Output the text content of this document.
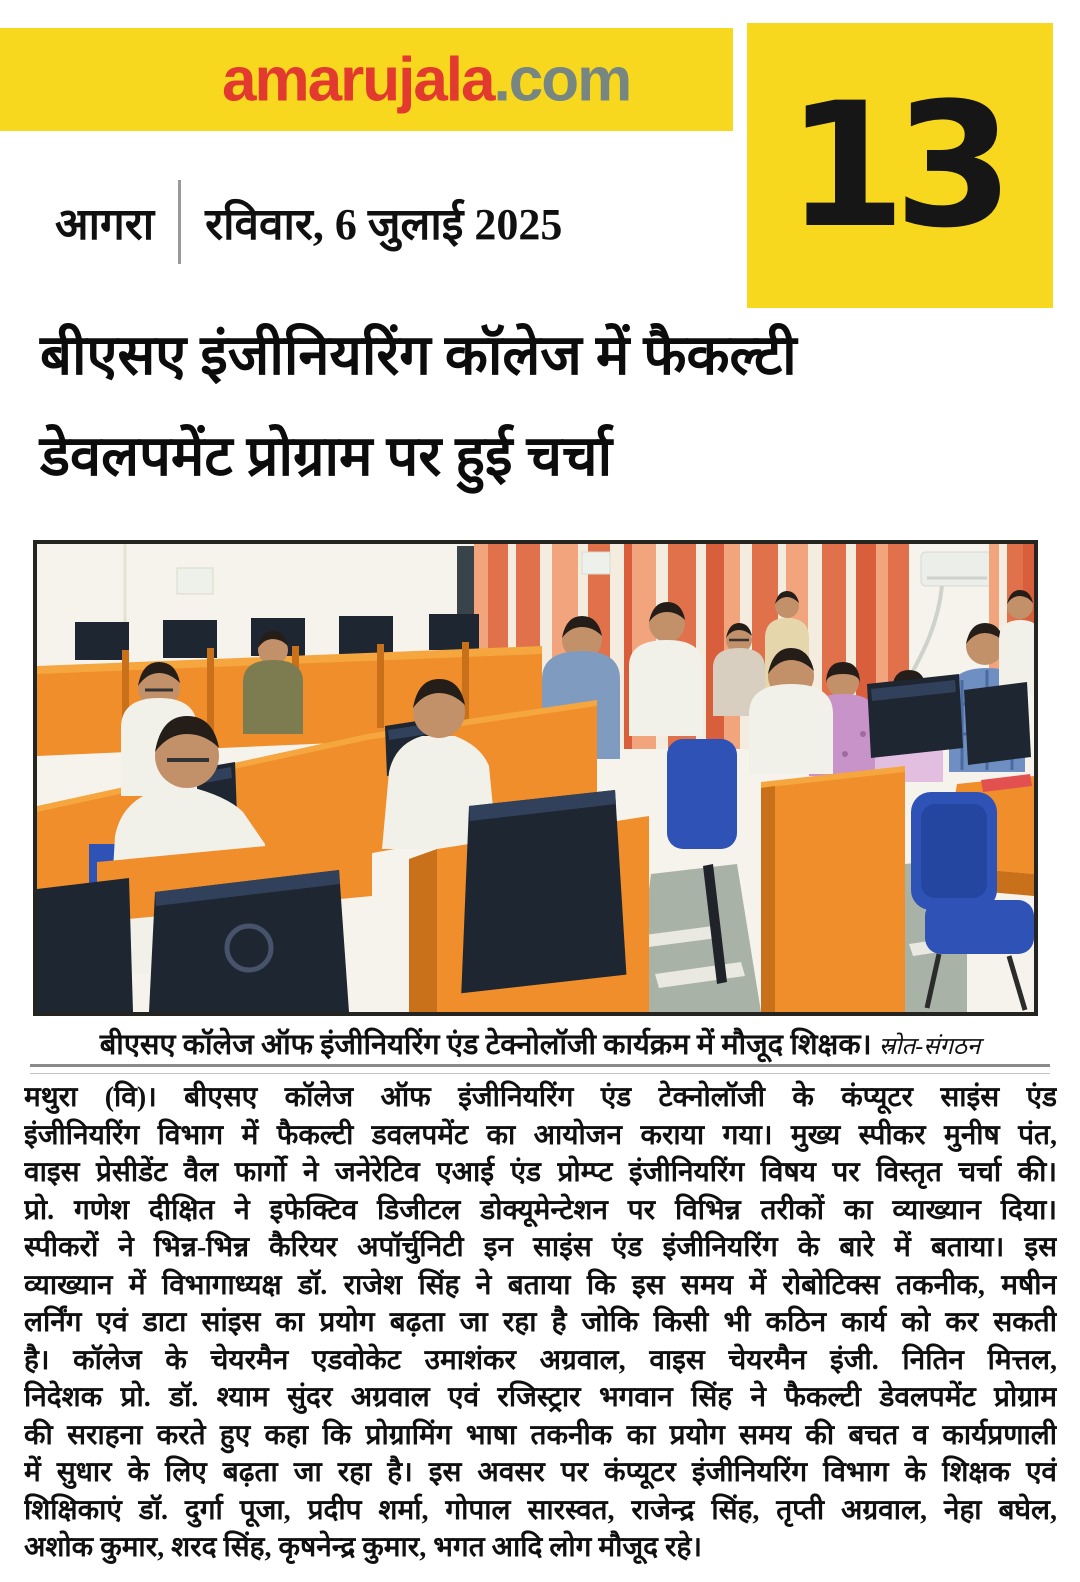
amarujala.com 13
आगरा रविवार, 6 जुलाई 2025
बीएसए इंजीनियरिंग कॉलेज में फैकल्टी
डेवलपमेंट प्रोग्राम पर हुई चर्चा
बीएसए कॉलेज ऑफ इंजीनियरिंग एंड टेक्नोलॉजी कार्यक्रम में मौजूद शिक्षक। स्रोत-संगठन
मथुरा (वि)। बीएसए कॉलेज ऑफ इंजीनियरिंग एंड टेक्नोलॉजी के कंप्यूटर साइंस एंड
इंजीनियरिंग विभाग में फैकल्टी डवलपमेंट का आयोजन कराया गया। मुख्य स्पीकर मुनीष पंत,
वाइस प्रेसीडेंट वैल फार्गो ने जनेरेटिव एआई एंड प्रोम्प्ट इंजीनियरिंग विषय पर विस्तृत चर्चा की।
प्रो. गणेश दीक्षित ने इफेक्टिव डिजीटल डोक्यूमेन्टेशन पर विभिन्न तरीकों का व्याख्यान दिया।
स्पीकरों ने भिन्न-भिन्न कैरियर अपॉर्चुनिटी इन साइंस एंड इंजीनियरिंग के बारे में बताया। इस
व्याख्यान में विभागाध्यक्ष डॉ. राजेश सिंह ने बताया कि इस समय में रोबोटिक्स तकनीक, मषीन
लर्निंग एवं डाटा सांइस का प्रयोग बढ़ता जा रहा है जोकि किसी भी कठिन कार्य को कर सकती
है। कॉलेज के चेयरमैन एडवोकेट उमाशंकर अग्रवाल, वाइस चेयरमैन इंजी. नितिन मित्तल,
निदेशक प्रो. डॉ. श्याम सुंदर अग्रवाल एवं रजिस्ट्रार भगवान सिंह ने फैकल्टी डेवलपमेंट प्रोग्राम
की सराहना करते हुए कहा कि प्रोग्रामिंग भाषा तकनीक का प्रयोग समय की बचत व कार्यप्रणाली
में सुधार के लिए बढ़ता जा रहा है। इस अवसर पर कंप्यूटर इंजीनियरिंग विभाग के शिक्षक एवं
शिक्षिकाएं डॉ. दुर्गा पूजा, प्रदीप शर्मा, गोपाल सारस्वत, राजेन्द्र सिंह, तृप्ती अग्रवाल, नेहा बघेल,
अशोक कुमार, शरद सिंह, कृषनेन्द्र कुमार, भगत आदि लोग मौजूद रहे।
